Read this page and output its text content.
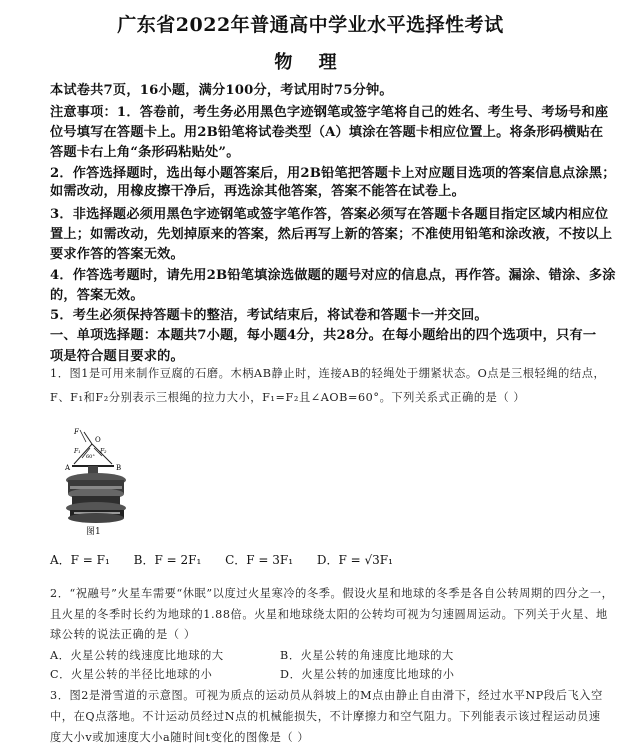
广东省2022年普通高中学业水平选择性考试
物 理
本试卷共7页，16小题，满分100分，考试用时75分钟。
注意事项：1．答卷前，考生务必用黑色字迹钢笔或签字笔将自己的姓名、考生号、考场号和座
位号填写在答题卡上。用2B铅笔将试卷类型（A）填涂在答题卡相应位置上。将条形码横贴在
答题卡右上角“条形码粘贴处”。
2．作答选择题时，选出每小题答案后，用2B铅笔把答题卡上对应题目选项的答案信息点涂黑；
如需改动，用橡皮擦干净后，再选涂其他答案，答案不能答在试卷上。
3．非选择题必须用黑色字迹钢笔或签字笔作答，答案必须写在答题卡各题目指定区域内相应位
置上；如需改动，先划掉原来的答案，然后再写上新的答案；不准使用铅笔和涂改液，不按以上
要求作答的答案无效。
4．作答选考题时，请先用2B铅笔填涂选做题的题号对应的信息点，再作答。漏涂、错涂、多涂
的，答案无效。
5．考生必须保持答题卡的整洁，考试结束后，将试卷和答题卡一并交回。
一、单项选择题：本题共7小题，每小题4分，共28分。在每小题给出的四个选项中，只有一
项是符合题目要求的。
1．图1是可用来制作豆腐的石磨。木柄AB静止时，连接AB的轻绳处于绷紧状态。O点是三根轻绳的结点，
F、F₁和F₂分别表示三根绳的拉力大小，F₁=F₂且∠AOB=60°。下列关系式正确的是（ ）
F
O
F₁	F₂
A	B
60°
图1
A．F = F₁ B．F = 2F₁ C．F = 3F₁ D．F = √3F₁
2．“祝融号”火星车需要“休眠”以度过火星寒冷的冬季。假设火星和地球的冬季是各自公转周期的四分之一，
且火星的冬季时长约为地球的1.88倍。火星和地球绕太阳的公转均可视为匀速圆周运动。下列关于火星、地
球公转的说法正确的是（ ）
A．火星公转的线速度比地球的大	B．火星公转的角速度比地球的大
C．火星公转的半径比地球的小	D．火星公转的加速度比地球的小
3．图2是滑雪道的示意图。可视为质点的运动员从斜坡上的M点由静止自由滑下，经过水平NP段后飞入空
中，在Q点落地。不计运动员经过N点的机械能损失，不计摩擦力和空气阻力。下列能表示该过程运动员速
度大小v或加速度大小a随时间t变化的图像是（ ）
